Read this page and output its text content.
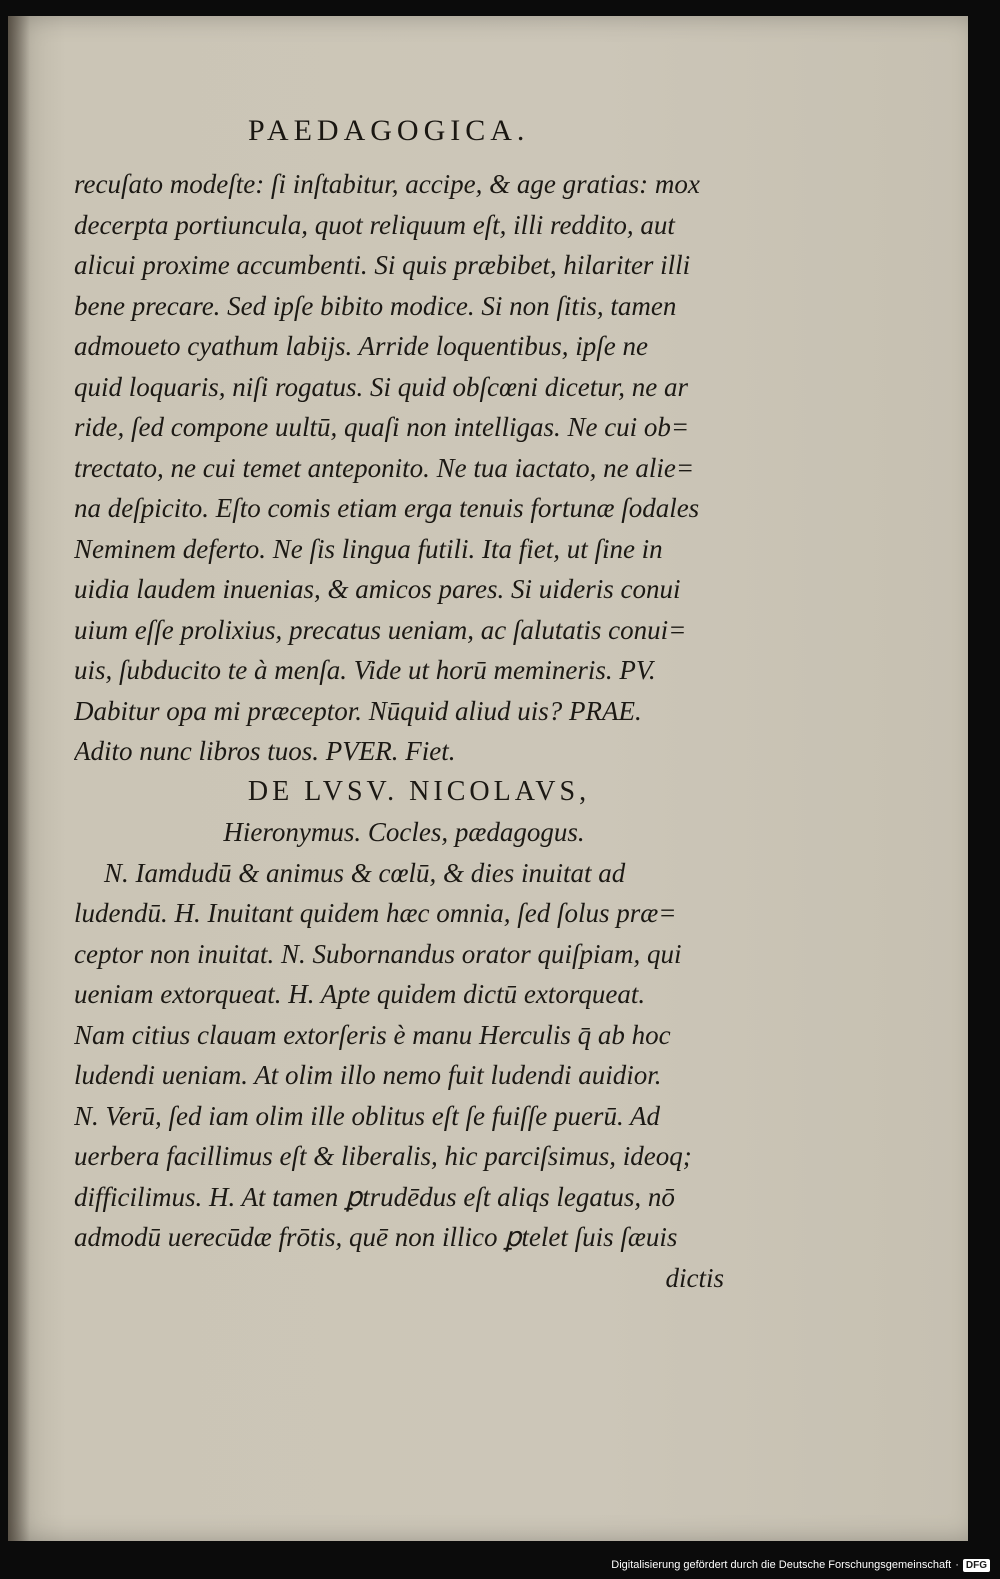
PAEDAGOGICA.
recuſato modeſte: ſi inſtabitur, accipe, & age gratias: mox
decerpta portiuncula, quot reliquum eſt, illi reddito, aut
alicui proxime accumbenti. Si quis præbibet, hilariter illi
bene precare. Sed ipſe bibito modice. Si non ſitis, tamen
admoueto cyathum labijs. Arride loquentibus, ipſe ne
quid loquaris, niſi rogatus. Si quid obſcœni dicetur, ne ar
ride, ſed compone uultū, quaſi non intelligas. Ne cui ob=
trectato, ne cui temet anteponito. Ne tua iactato, ne alie=
na deſpicito. Eſto comis etiam erga tenuis fortunæ ſodales
Neminem deferto. Ne ſis lingua futili. Ita fiet, ut ſine in
uidia laudem inuenias, & amicos pares. Si uideris conui
uium eſſe prolixius, precatus ueniam, ac ſalutatis conui=
uis, ſubducito te à menſa. Vide ut horū memineris. PV.
Dabitur opa mi præceptor. Nūquid aliud uis? PRAE.
Adito nunc libros tuos. PVER. Fiet.
DE LVSV. NICOLAVS,
Hieronymus. Cocles, pædagogus.
N. Iamdudū & animus & cœlū, & dies inuitat ad
ludendū. H. Inuitant quidem hæc omnia, ſed ſolus præ=
ceptor non inuitat. N. Subornandus orator quiſpiam, qui
ueniam extorqueat. H. Apte quidem dictū extorqueat.
Nam citius clauam extorſeris è manu Herculis q̄ ab hoc
ludendi ueniam. At olim illo nemo fuit ludendi auidior.
N. Verū, ſed iam olim ille oblitus eſt ſe fuiſſe puerū. Ad
uerbera facillimus eſt & liberalis, hic parciſsimus, ideoq;
difficilimus. H. At tamen ꝑtrudēdus eſt aliqs legatus, nō
admodū uerecūdæ frōtis, quē non illico ꝑtelet ſuis ſæuis
dictis
Digitalisierung gefördert durch die Deutsche Forschungsgemeinschaft · DFG
